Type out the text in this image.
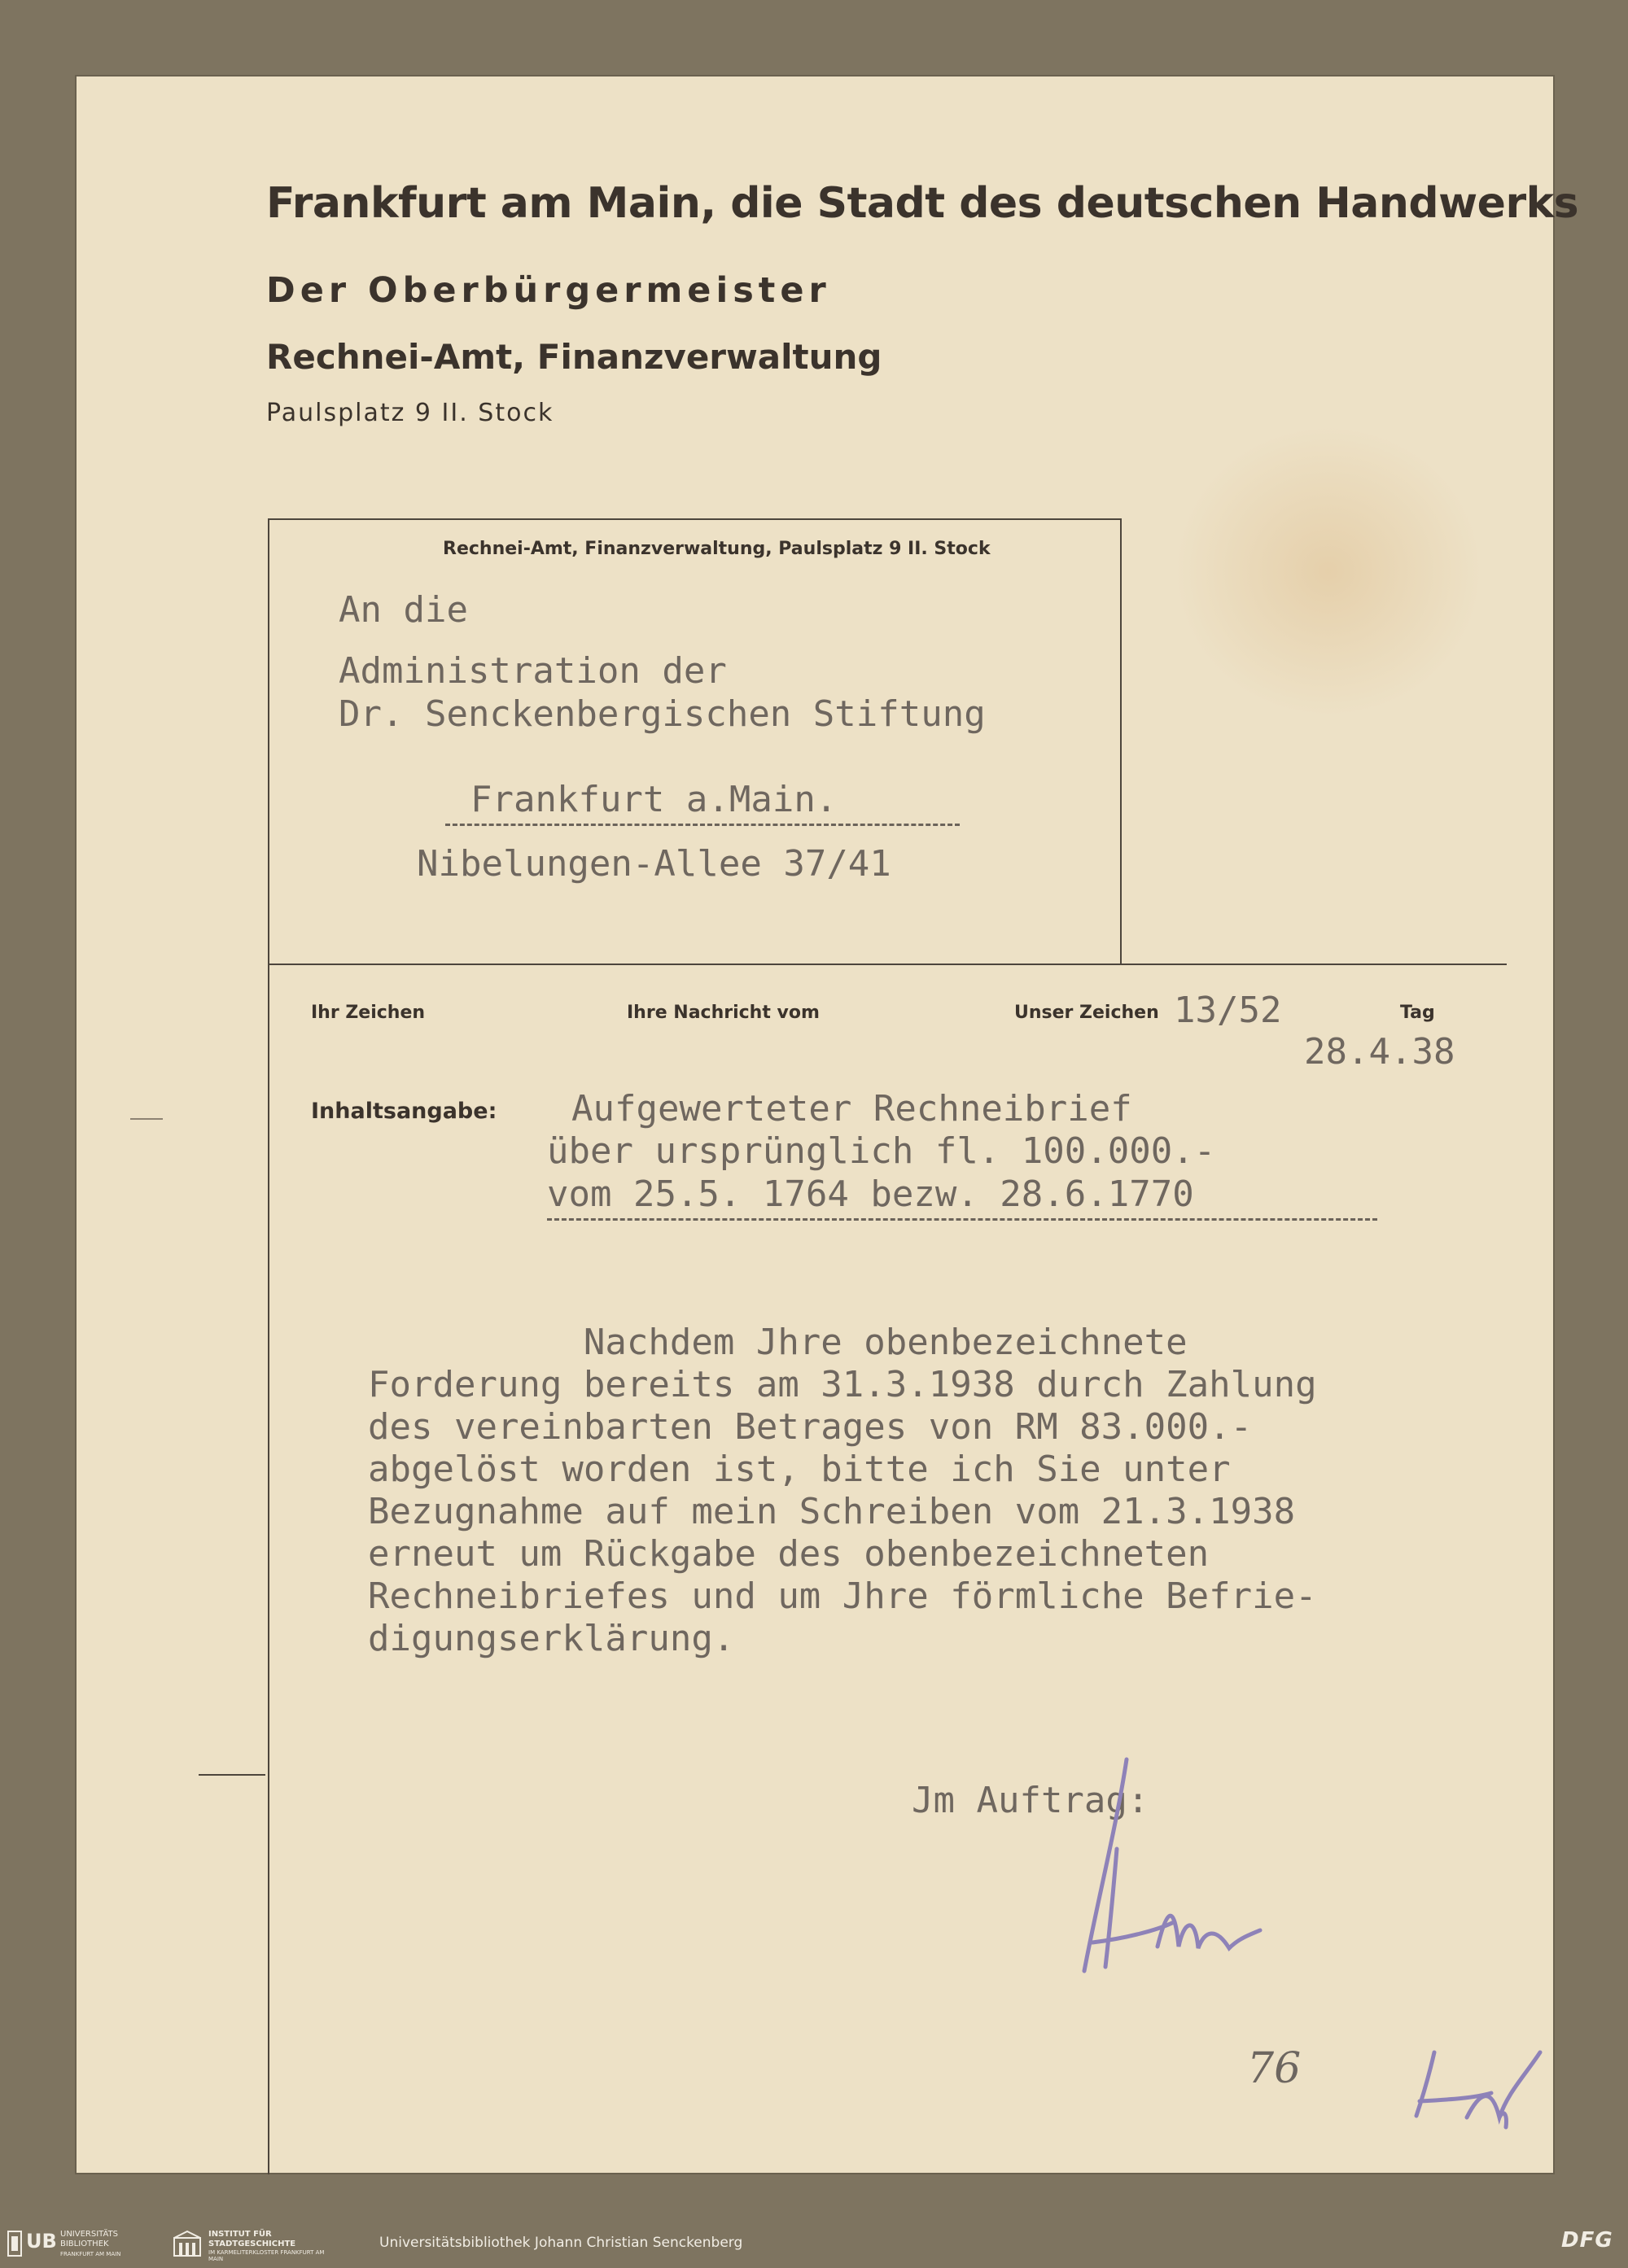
Frankfurt am Main, die Stadt des deutschen Handwerks
Der Oberbürgermeister
Rechnei-Amt, Finanzverwaltung
Paulsplatz 9 II. Stock
Rechnei-Amt, Finanzverwaltung, Paulsplatz 9 II. Stock
An die
Administration der
Dr. Senckenbergischen Stiftung
Frankfurt a.Main.
Nibelungen-Allee 37/41
Ihr Zeichen	Ihre Nachricht vom	Unser Zeichen 13/52	Tag
28.4.38
Inhaltsangabe: Aufgewerteter Rechneibrief
über ursprünglich fl. 100.000.-
vom 25.5. 1764 bezw. 28.6.1770
Nachdem Jhre obenbezeichnete
Forderung bereits am 31.3.1938 durch Zahlung
des vereinbarten Betrages von RM 83.000.-
abgelöst worden ist, bitte ich Sie unter
Bezugnahme auf mein Schreiben vom 21.3.1938
erneut um Rückgabe des obenbezeichneten
Rechneibriefes und um Jhre förmliche Befrie-
digungserklärung.
Jm Auftrag:
76
UB UNIVERSITÄTS BIBLIOTHEK
FRANKFURT AM MAIN
INSTITUT FÜR STADTGESCHICHTE
IM KARMELITERKLOSTER FRANKFURT AM MAIN
Universitätsbibliothek Johann Christian Senckenberg	DFG
